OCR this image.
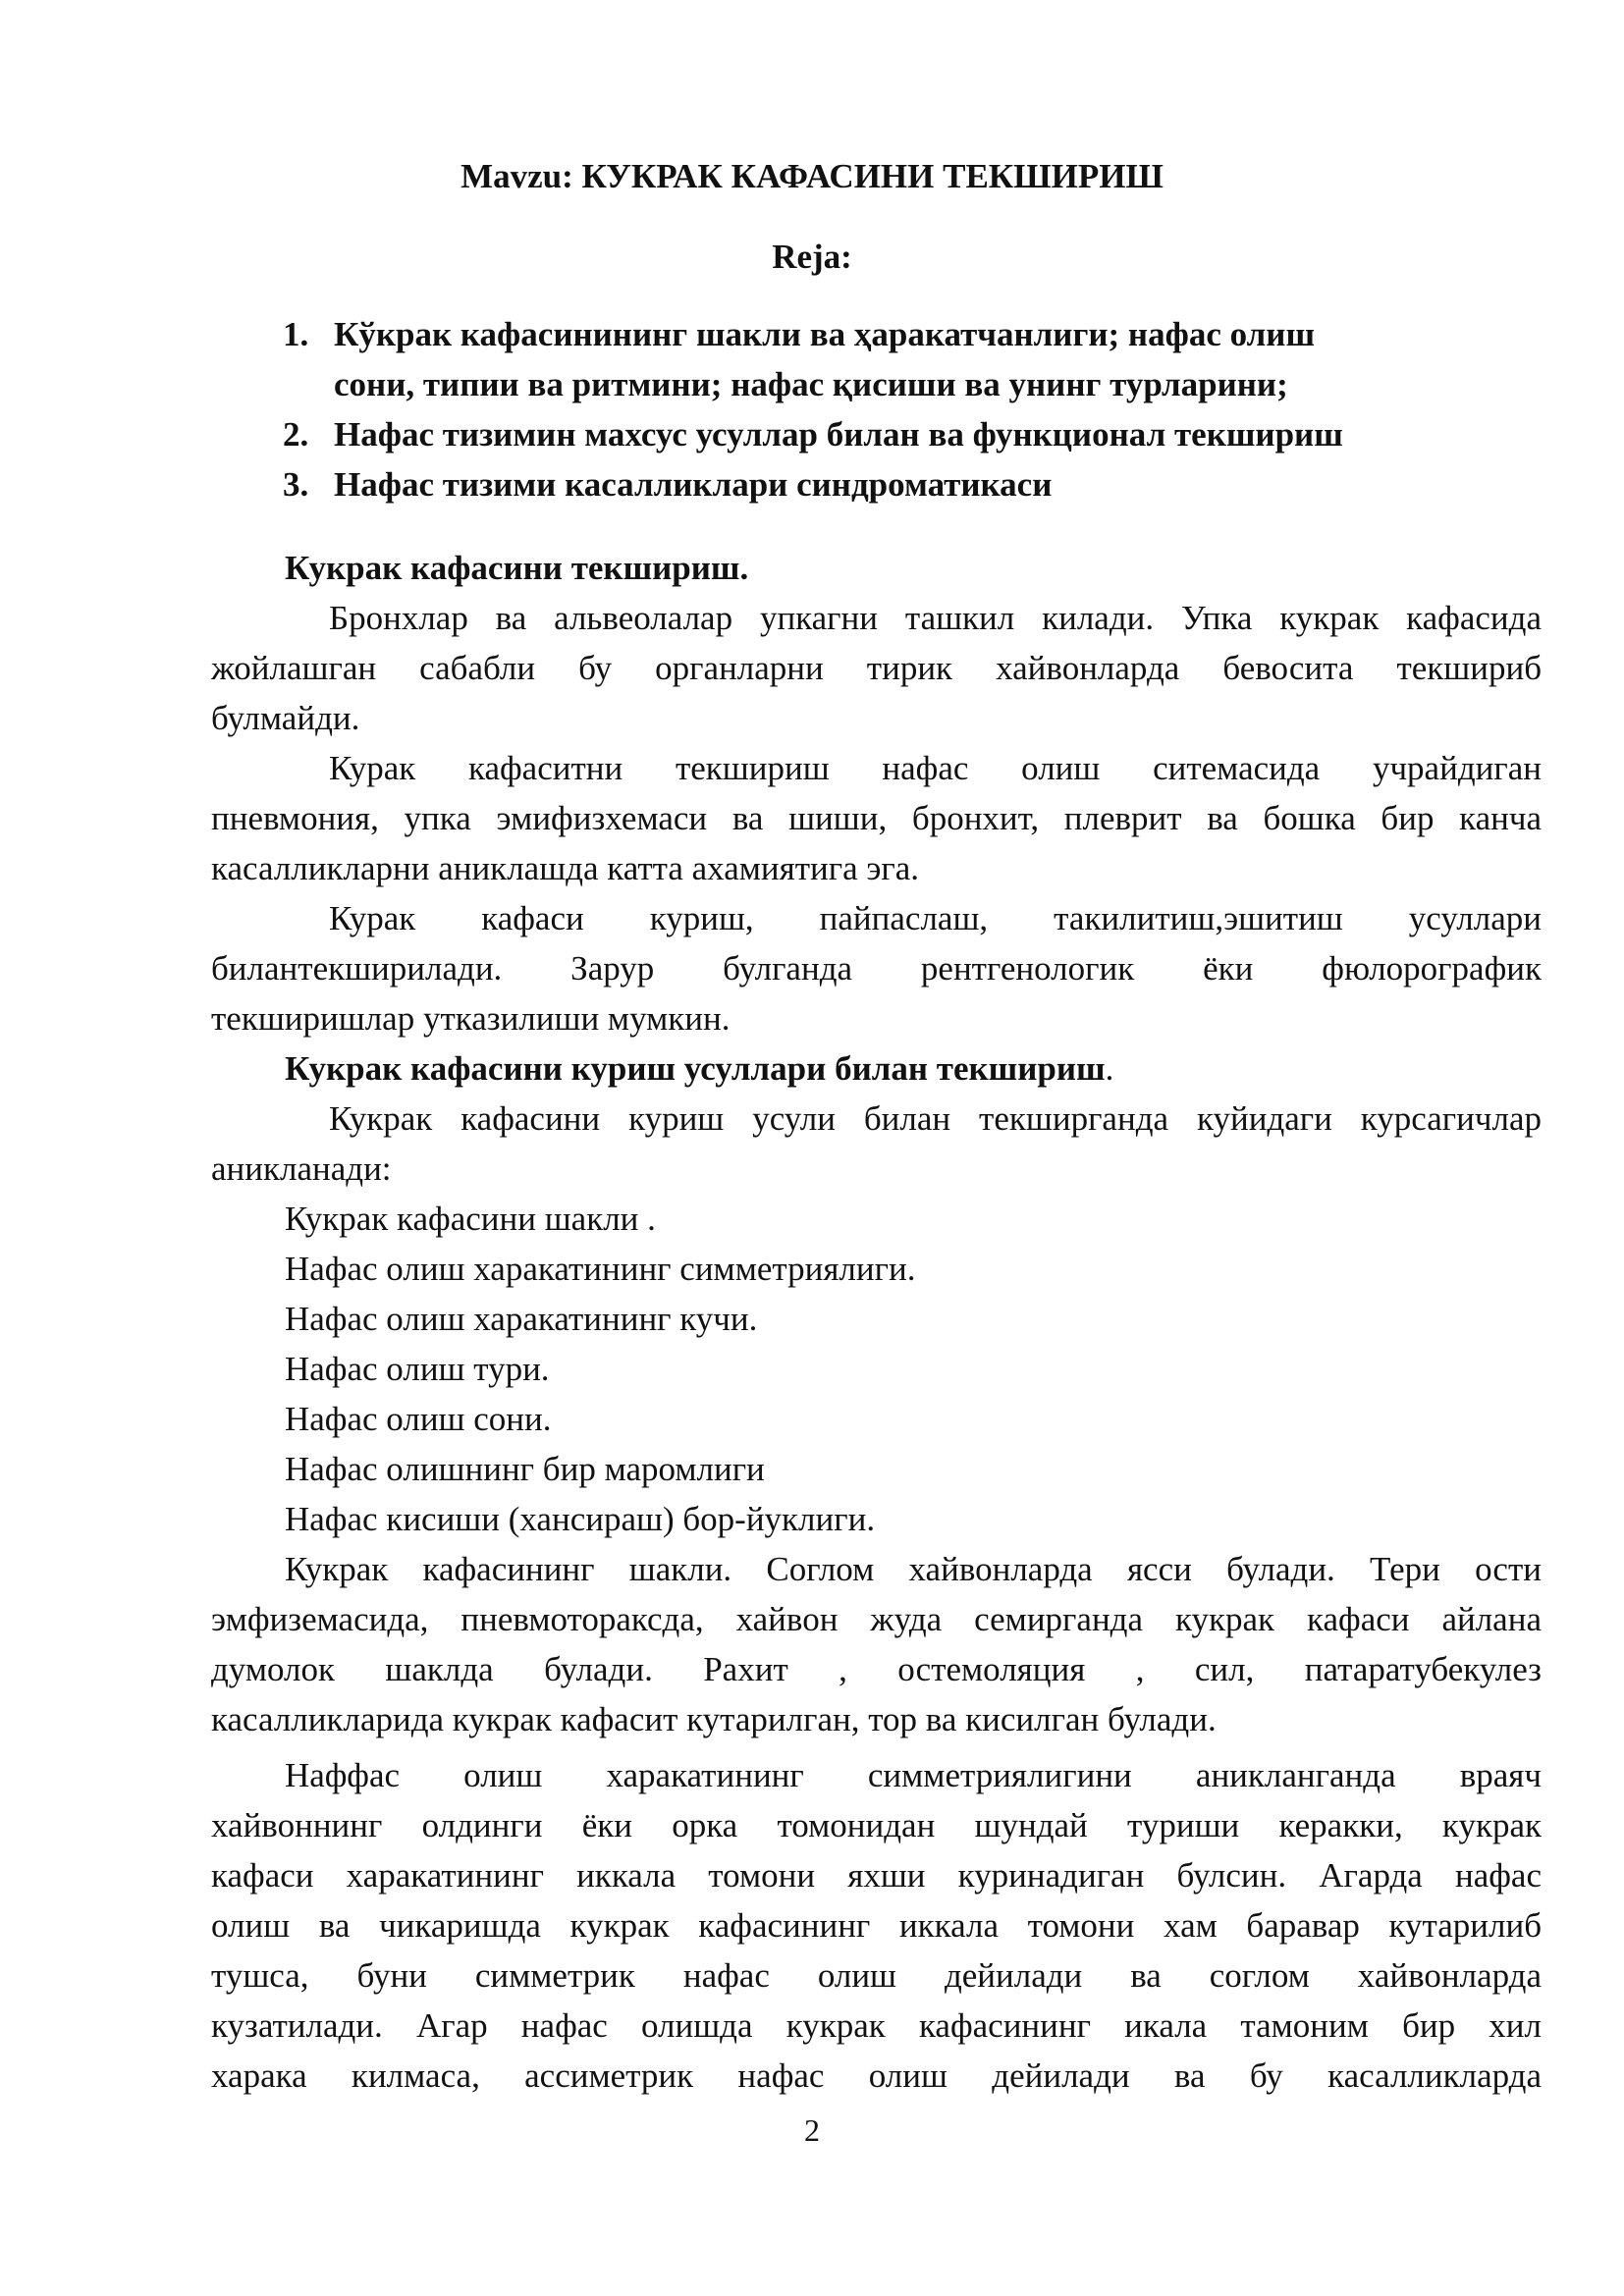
Mavzu: КУКРАК КАФАСИНИ ТЕКШИРИШ
Reja:
1. Кўкрак кафасинининг шакли ва ҳаракатчанлиги; нафас олиш
сони, типии ва ритмини; нафас қисиши ва унинг турларини;
2. Нафас тизимин махсус усуллар билан ва функционал текшириш
3. Нафас тизими касалликлари синдроматикаси
Кукрак кафасини текшириш.
Бронхлар ва альвеолалар упкагни ташкил килади. Упка кукрак кафасида
жойлашган сабабли бу органларни тирик хайвонларда бевосита текшириб
булмайди.
Курак кафаситни текшириш нафас олиш ситемасида учрайдиган
пневмония, упка эмифизхемаси ва шиши, бронхит, плеврит ва бошка бир канча
касалликларни аниклашда катта ахамиятига эга.
Курак кафаси куриш, пайпаслаш, такилитиш,эшитиш усуллари
билантекширилади. Зарур булганда рентгенологик ёки фюлорографик
текширишлар утказилиши мумкин.
Кукрак кафасини куриш усуллари билан текшириш.
Кукрак кафасини куриш усули билан текширганда куйидаги курсагичлар
аникланади:
Кукрак кафасини шакли .
Нафас олиш харакатининг симметриялиги.
Нафас олиш харакатининг кучи.
Нафас олиш тури.
Нафас олиш сони.
Нафас олишнинг бир маромлиги
Нафас кисиши (хансираш) бор-йуклиги.
Кукрак кафасининг шакли. Соглом хайвонларда ясси булади. Тери ости
эмфиземасида, пневмотораксда, хайвон жуда семирганда кукрак кафаси айлана
думолок шаклда булади. Рахит , остемоляция , сил, патаратубекулез
касалликларида кукрак кафасит кутарилган, тор ва кисилган булади.
Наффас олиш харакатининг симметриялигини аникланганда враяч
хайвоннинг олдинги ёки орка томонидан шундай туриши керакки, кукрак
кафаси харакатининг иккала томони яхши куринадиган булсин. Агарда нафас
олиш ва чикаришда кукрак кафасининг иккала томони хам баравар кутарилиб
тушса, буни симметрик нафас олиш дейилади ва соглом хайвонларда
кузатилади. Агар нафас олишда кукрак кафасининг икала тамоним бир хил
харака килмаса, ассиметрик нафас олиш дейилади ва бу касалликларда
2
